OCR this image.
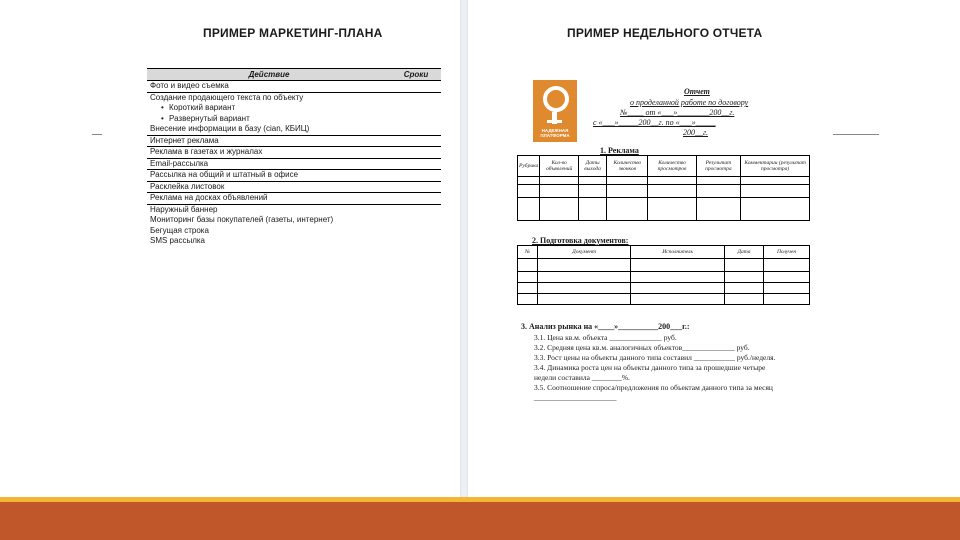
ПРИМЕР МАРКЕТИНГ-ПЛАНА
Действие	Сроки
Фото и видео съемка
Создание продающего текста по объекту
• Короткий вариант
• Развернутый вариант
Внесение информации в базу (cian, КБИЦ)
Интернет реклама
Реклама в газетах и журналах
Email-рассылка
Рассылка на общий и штатный в офисе
Расклейка листовок
Реклама на досках объявлений
Наружный баннер
Мониторинг базы покупателей (газеты, интернет)
Бегущая строка
SMS рассылка
ПРИМЕР НЕДЕЛЬНОГО ОТЧЕТА
НАДЕЖНАЯ ПЛАТФОРМА
Отчет
о проделанной работе по договору
№____ от «___»________200__г.
с «___»_____200__г. по «___»_____
200__г.
1. Реклама
Рубрика	Кол-во объявлений	Даты выхода	Количество звонков	Количество просмотров	Результат просмотра	Комментарии (результат просмотра)

2. Подготовка документов:
№	Документ	Исполнитель	Дата	Получен

3. Анализ рынка на «____»__________200___г.:
3.1. Цена кв.м. объекта ______________ руб.
3.2. Средняя цена кв.м. аналогичных объектов______________ руб.
3.3. Рост цены на объекты данного типа составил ___________ руб./неделя.
3.4. Динамика роста цен на объекты данного типа за прошедшие четыре
недели составила ________%.
3.5. Соотношение спроса/предложения по объектам данного типа за месяц
______________________
